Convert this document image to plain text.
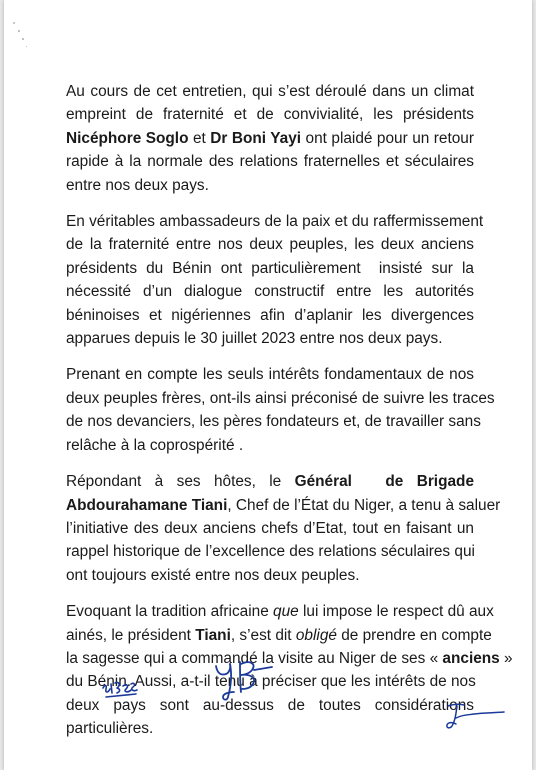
Au cours de cet entretien, qui s’est déroulé dans un climat
empreint de fraternité et de convivialité, les présidents
Nicéphore Soglo et Dr Boni Yayi ont plaidé pour un retour
rapide à la normale des relations fraternelles et séculaires
entre nos deux pays.

En véritables ambassadeurs de la paix et du raffermissement
de la fraternité entre nos deux peuples, les deux anciens
présidents du Bénin ont particulièrement  insisté sur la
nécessité d’un dialogue constructif entre les autorités
béninoises et nigériennes afin d’aplanir les divergences
apparues depuis le 30 juillet 2023 entre nos deux pays.

Prenant en compte les seuls intérêts fondamentaux de nos
deux peuples frères, ont-ils ainsi préconisé de suivre les traces
de nos devanciers, les pères fondateurs et, de travailler sans
relâche à la coprospérité .

Répondant  à  ses  hôtes,  le  Général     de  Brigade
Abdourahamane Tiani, Chef de l’État du Niger, a tenu à saluer
l’initiative des deux anciens chefs d’Etat, tout en faisant un
rappel historique de l’excellence des relations séculaires qui
ont toujours existé entre nos deux peuples.

Evoquant la tradition africaine que lui impose le respect dû aux
ainés, le président Tiani, s’est dit obligé de prendre en compte
la sagesse qui a commandé la visite au Niger de ses « anciens »
du Bénin. Aussi, a-t-il tenu à préciser que les intérêts de nos
deux  pays  sont  au-dessus  de  toutes  considérations
particulières.
